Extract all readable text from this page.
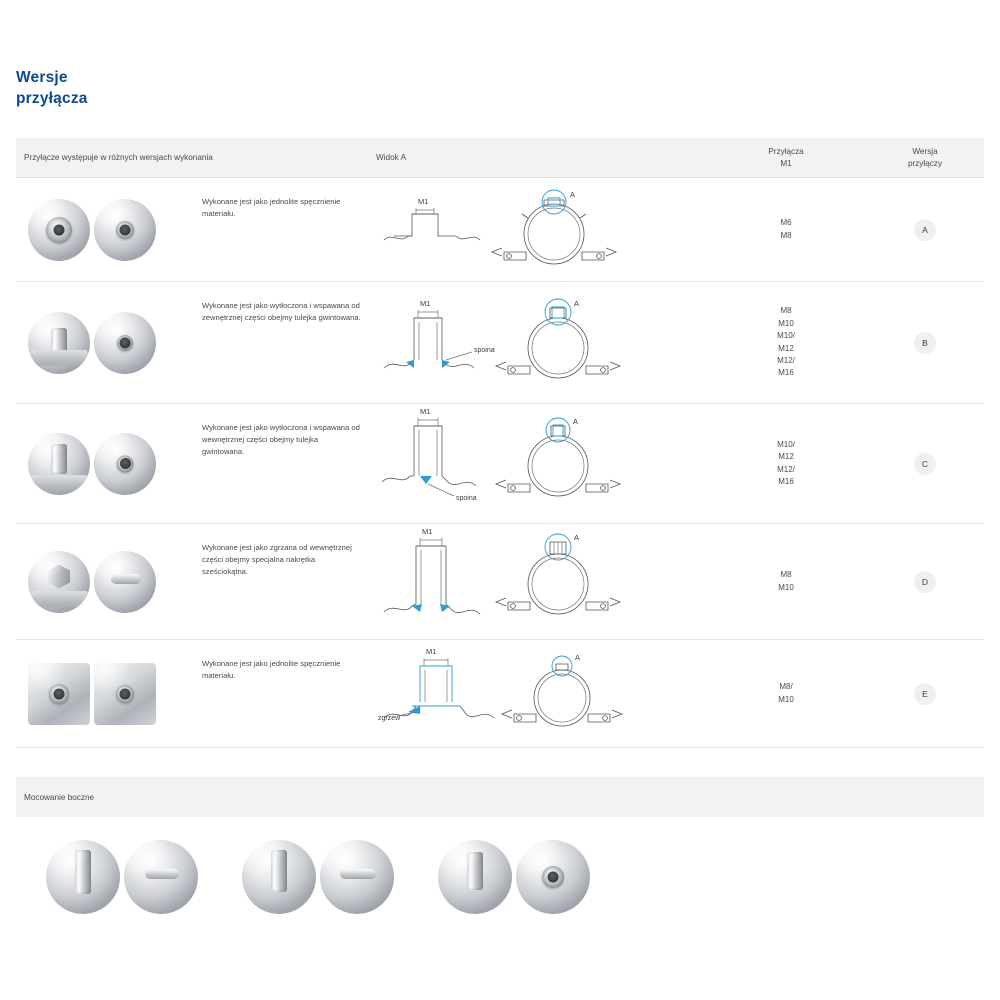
Wersje
przyłącza
Przyłącze występuje w różnych wersjach wykonania	Widok A
Przyłącza
M1
Wersja
przyłączy
Wykonane jest jako jednolite spęcznienie materiału.
M1
A
M6
M8
A
Wykonane jest jako wytłoczona i wspawana od zewnętrznej części obejmy tulejka gwintowana.
M1
spoina
A
M8
M10
M10/
M12
M12/
M16
B
Wykonane jest jako wytłoczona i wspawana od wewnętrznej części obejmy tulejka gwintowana.
M1
spoina
A
M10/
M12
M12/
M16
C
Wykonane jest jako zgrzana od wewnętrznej części obejmy specjalna nakrętka sześciokątna.
M1
A
M8
M10
D
Wykonane jest jako jednolite spęcznienie materiału.
M1
zgrzew
A
M8/
M10
E
Mocowanie boczne
